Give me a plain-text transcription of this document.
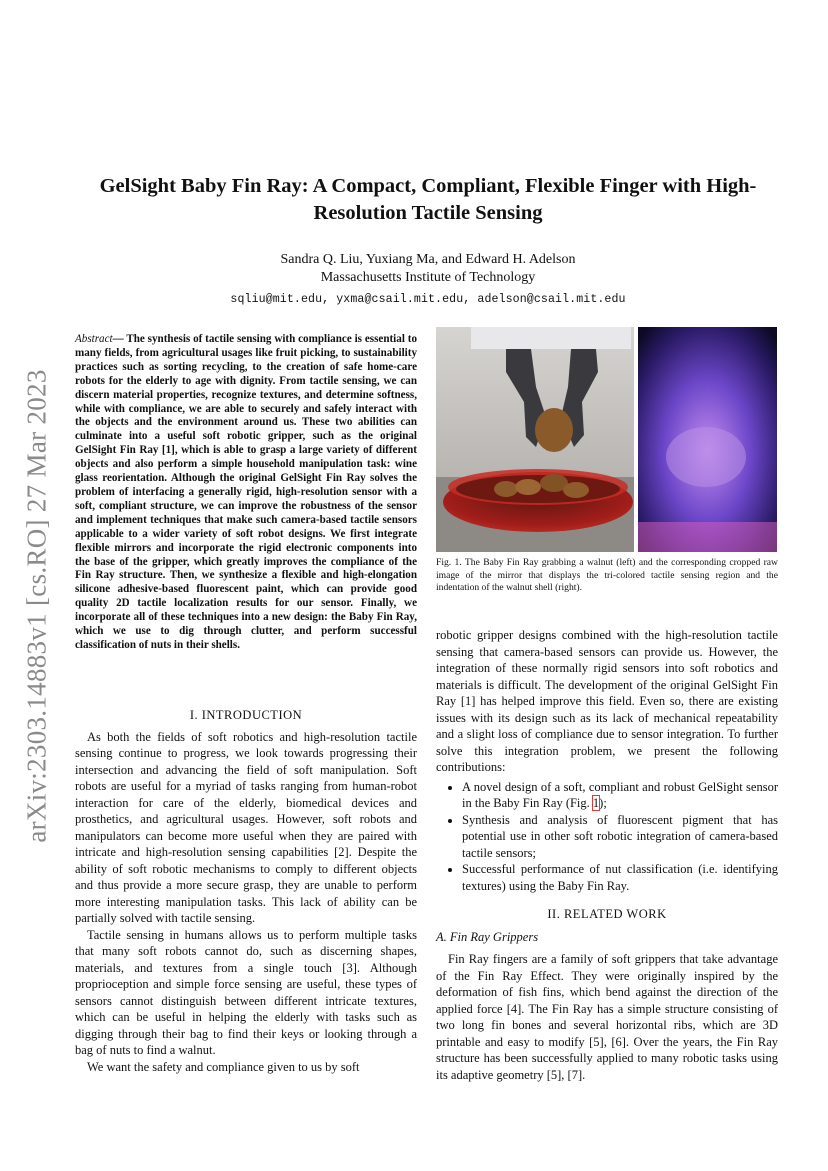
arXiv:2303.14883v1 [cs.RO] 27 Mar 2023
GelSight Baby Fin Ray: A Compact, Compliant, Flexible Finger with High-Resolution Tactile Sensing
Sandra Q. Liu, Yuxiang Ma, and Edward H. Adelson
Massachusetts Institute of Technology
sqliu@mit.edu, yxma@csail.mit.edu, adelson@csail.mit.edu
Abstract— The synthesis of tactile sensing with compliance is essential to many fields, from agricultural usages like fruit picking, to sustainability practices such as sorting recycling, to the creation of safe home-care robots for the elderly to age with dignity. From tactile sensing, we can discern material properties, recognize textures, and determine softness, while with compliance, we are able to securely and safely interact with the objects and the environment around us. These two abilities can culminate into a useful soft robotic gripper, such as the original GelSight Fin Ray [1], which is able to grasp a large variety of different objects and also perform a simple household manipulation task: wine glass reorientation. Although the original GelSight Fin Ray solves the problem of interfacing a generally rigid, high-resolution sensor with a soft, compliant structure, we can improve the robustness of the sensor and implement techniques that make such camera-based tactile sensors applicable to a wider variety of soft robot designs. We first integrate flexible mirrors and incorporate the rigid electronic components into the base of the gripper, which greatly improves the compliance of the Fin Ray structure. Then, we synthesize a flexible and high-elongation silicone adhesive-based fluorescent paint, which can provide good quality 2D tactile localization results for our sensor. Finally, we incorporate all of these techniques into a new design: the Baby Fin Ray, which we use to dig through clutter, and perform successful classification of nuts in their shells.
I. INTRODUCTION

As both the fields of soft robotics and high-resolution tactile sensing continue to progress, we look towards progressing their intersection and advancing the field of soft manipulation. Soft robots are useful for a myriad of tasks ranging from human-robot interaction for care of the elderly, biomedical devices and prosthetics, and agricultural usages. However, soft robots and manipulators can become more useful when they are paired with intricate and high-resolution sensing capabilities [2]. Despite the ability of soft robotic mechanisms to comply to different objects and thus provide a more secure grasp, they are unable to perform more interesting manipulation tasks. This lack of ability can be partially solved with tactile sensing.

Tactile sensing in humans allows us to perform multiple tasks that many soft robots cannot do, such as discerning shapes, materials, and textures from a single touch [3]. Although proprioception and simple force sensing are useful, these types of sensors cannot distinguish between different intricate textures, which can be useful in helping the elderly with tasks such as digging through their bag to find their keys or looking through a bag of nuts to find a walnut.

We want the safety and compliance given to us by soft

Fig. 1. The Baby Fin Ray grabbing a walnut (left) and the corresponding cropped raw image of the mirror that displays the tri-colored tactile sensing region and the indentation of the walnut shell (right).

robotic gripper designs combined with the high-resolution tactile sensing that camera-based sensors can provide us. However, the integration of these normally rigid sensors into soft robotics and materials is difficult. The development of the original GelSight Fin Ray [1] has helped improve this field. Even so, there are existing issues with its design such as its lack of mechanical repeatability and a slight loss of compliance due to sensor integration. To further solve this integration problem, we present the following contributions:

• A novel design of a soft, compliant and robust GelSight sensor in the Baby Fin Ray (Fig. 1);
• Synthesis and analysis of fluorescent pigment that has potential use in other soft robotic integration of camera-based tactile sensors;
• Successful performance of nut classification (i.e. identifying textures) using the Baby Fin Ray.
II. RELATED WORK
A. Fin Ray Grippers

Fin Ray fingers are a family of soft grippers that take advantage of the Fin Ray Effect. They were originally inspired by the deformation of fish fins, which bend against the direction of the applied force [4]. The Fin Ray has a simple structure consisting of two long fin bones and several horizontal ribs, which are 3D printable and easy to modify [5], [6]. Over the years, the Fin Ray structure has been successfully applied to many robotic tasks using its adaptive geometry [5], [7].
